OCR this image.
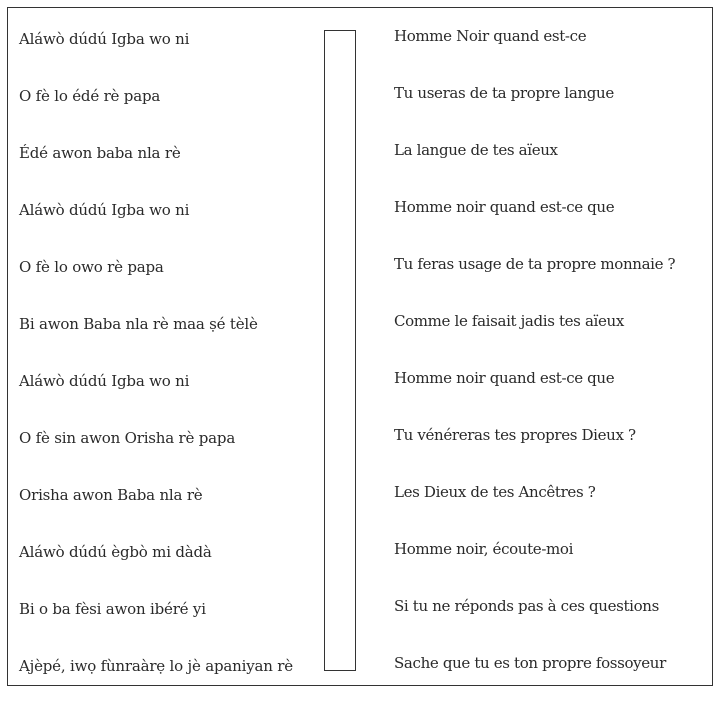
Aláwò dúdú Igba wo ni
O fè lo édé rè papa
Édé awon baba nla rè
Aláwò dúdú Igba wo ni
O fè lo owo rè papa
Bi awon Baba nla rè maa ṣé tèlè
Aláwò dúdú Igba wo ni
O fè sin awon Orisha rè papa
Orisha awon Baba nla rè
Aláwò dúdú ègbò mi dàdà
Bi o ba fèsi awon ibéré yi
Ajèpé, iwọ fùnraàrẹ lo jè apaniyan rè
Homme Noir quand est-ce
Tu useras de ta propre langue
La langue de tes aïeux
Homme noir quand est-ce que
Tu feras usage de ta propre monnaie ?
Comme le faisait jadis tes aïeux
Homme noir quand est-ce que
Tu vénéreras tes propres Dieux ?
Les Dieux de tes Ancêtres ?
Homme noir, écoute-moi
Si tu ne réponds pas à ces questions
Sache que tu es ton propre fossoyeur
